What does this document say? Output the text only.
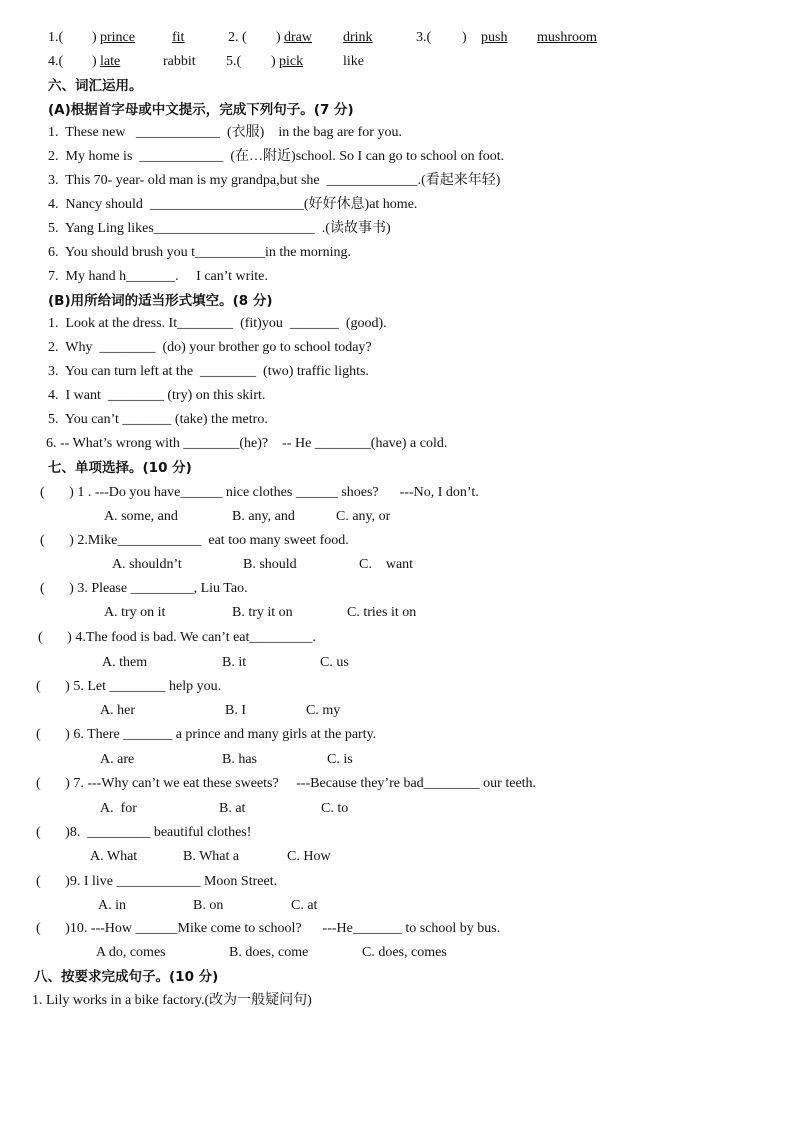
1.( ) prince	fit	2. ( ) draw drink	3.( ) push mushroom
4.( ) late	rabbit 5.( ) pick	like
六、词汇运用。
(A)根据首字母或中文提示，完成下列句子。(7 分)
1.  These new   ____________  (衣服)    in the bag are for you.
2.  My home is  ____________  (在…附近)school. So I can go to school on foot.
3.  This 70- year- old man is my grandpa,but she  _____________.(看起来年轻)
4.  Nancy should  ______________________(好好休息)at home.
5.  Yang Ling likes_______________________  .(读故事书)
6.  You should brush you t__________in the morning.
7.  My hand h_______.     I can’t write.
(B)用所给词的适当形式填空。(8 分)
1.  Look at the dress. It________  (fit)you  _______  (good).
2.  Why  ________  (do) your brother go to school today?
3.  You can turn left at the  ________  (two) traffic lights.
4.  I want  ________ (try) on this skirt.
5.  You can’t _______ (take) the metro.
6. -- What’s wrong with ________(he)?    -- He ________(have) a cold.
七、单项选择。(10 分)
(       ) 1 . ---Do you have______ nice clothes ______ shoes?      ---No, I don’t.
A. some, and	B. any, and	C. any, or
(       ) 2.Mike____________  eat too many sweet food.
A. shouldn’t	B. should	C.    want
(       ) 3. Please _________, Liu Tao.
A. try on it	B. try it on	C. tries it on
(       ) 4.The food is bad. We can’t eat_________.
A. them	B. it	C. us
(       ) 5. Let ________ help you.
A. her	B. I	C. my
(       ) 6. There _______ a prince and many girls at the party.
A. are	B. has	C. is
(       ) 7. ---Why can’t we eat these sweets?     ---Because they’re bad________ our teeth.
A.  for	B. at	C. to
(       )8.  _________ beautiful clothes!
A. What	B. What a	C. How
(       )9. I live ____________ Moon Street.
A. in	B. on	C. at
(       )10. ---How ______Mike come to school?      ---He_______ to school by bus.
A do, comes	B. does, come	C. does, comes
八、按要求完成句子。(10 分)
1. Lily works in a bike factory.(改为一般疑问句)
